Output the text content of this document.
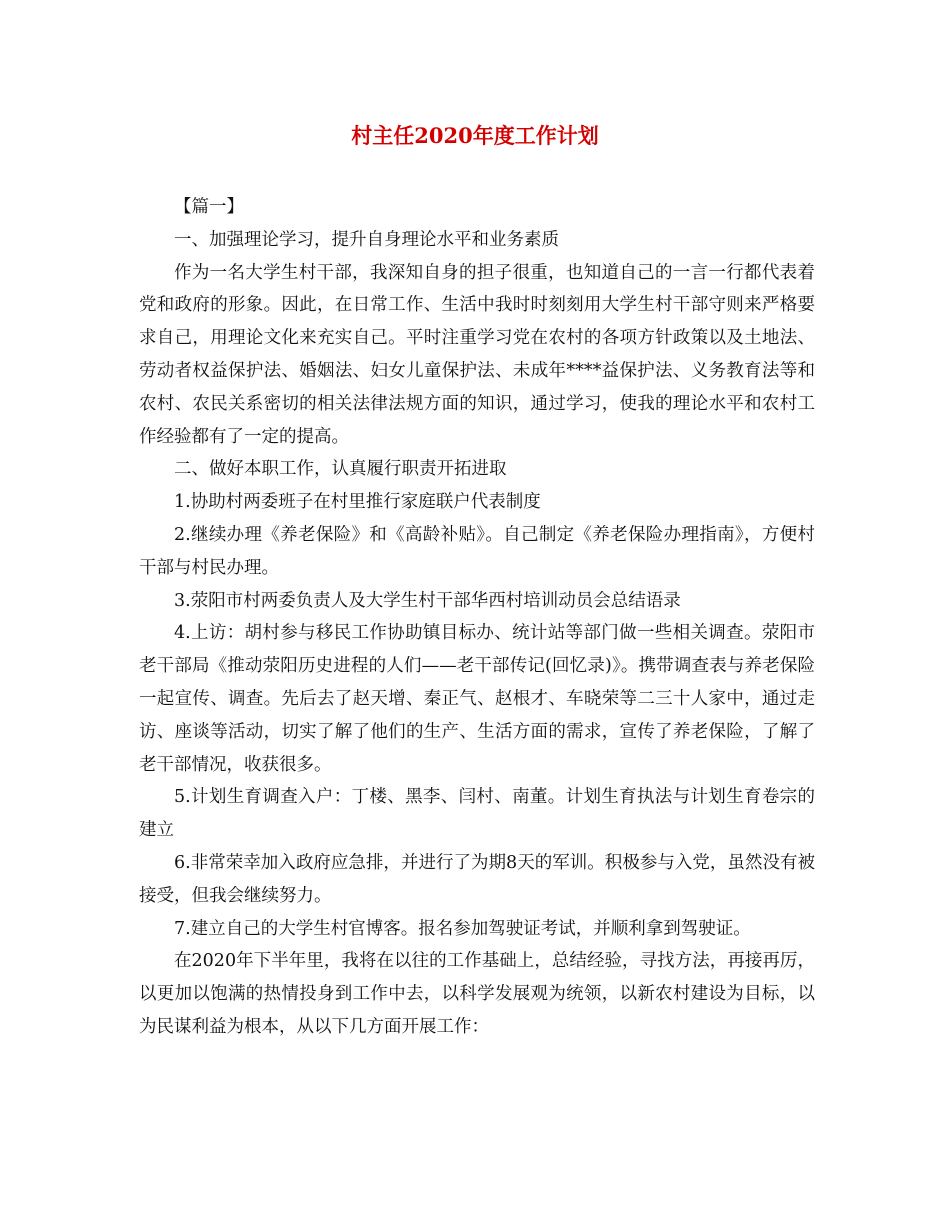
村主任2020年度工作计划

【篇一】

一、加强理论学习，提升自身理论水平和业务素质

作为一名大学生村干部，我深知自身的担子很重，也知道自己的一言一行都代表着党和政府的形象。因此，在日常工作、生活中我时时刻刻用大学生村干部守则来严格要求自己，用理论文化来充实自己。平时注重学习党在农村的各项方针政策以及土地法、劳动者权益保护法、婚姻法、妇女儿童保护法、未成年****益保护法、义务教育法等和农村、农民关系密切的相关法律法规方面的知识，通过学习，使我的理论水平和农村工作经验都有了一定的提高。

二、做好本职工作，认真履行职责开拓进取

1.协助村两委班子在村里推行家庭联户代表制度

2.继续办理《养老保险》和《高龄补贴》。自己制定《养老保险办理指南》，方便村干部与村民办理。

3.荥阳市村两委负责人及大学生村干部华西村培训动员会总结语录

4.上访：胡村参与移民工作协助镇目标办、统计站等部门做一些相关调查。荥阳市老干部局《推动荥阳历史进程的人们——老干部传记(回忆录)》。携带调查表与养老保险一起宣传、调查。先后去了赵天增、秦正气、赵根才、车晓荣等二三十人家中，通过走访、座谈等活动，切实了解了他们的生产、生活方面的需求，宣传了养老保险，了解了老干部情况，收获很多。

5.计划生育调查入户：丁楼、黑李、闫村、南董。计划生育执法与计划生育卷宗的建立

6.非常荣幸加入政府应急排，并进行了为期8天的军训。积极参与入党，虽然没有被接受，但我会继续努力。

7.建立自己的大学生村官博客。报名参加驾驶证考试，并顺利拿到驾驶证。

在2020年下半年里，我将在以往的工作基础上，总结经验，寻找方法，再接再厉，以更加以饱满的热情投身到工作中去，以科学发展观为统领，以新农村建设为目标，以为民谋利益为根本，从以下几方面开展工作：
